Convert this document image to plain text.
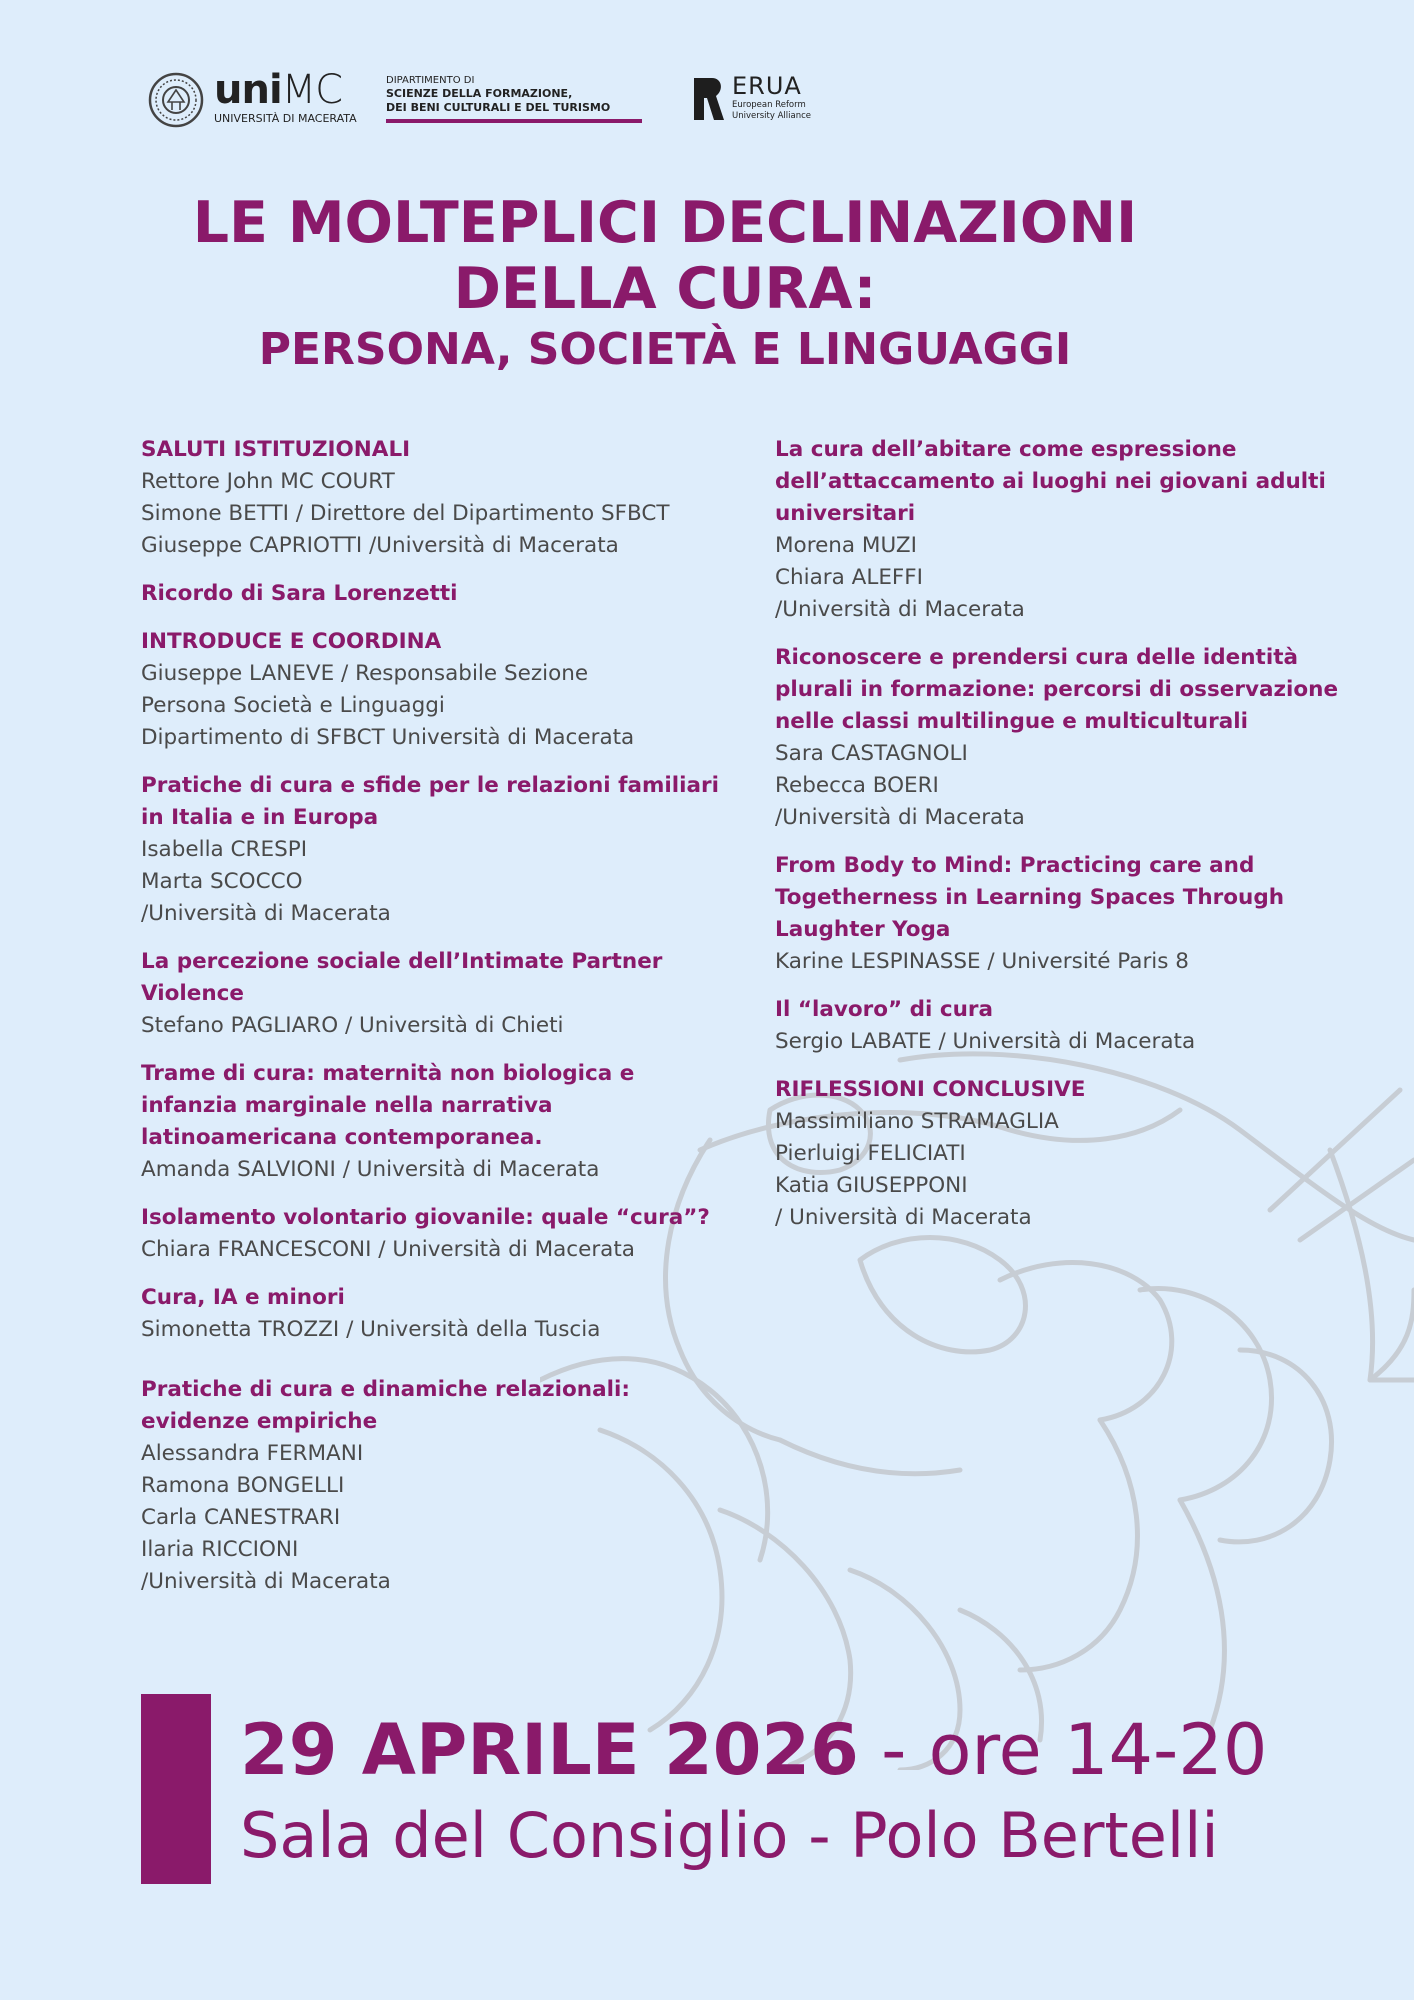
uniMC
UNIVERSITÀ DI MACERATA
DIPARTIMENTO DI
SCIENZE DELLA FORMAZIONE,
DEI BENI CULTURALI E DEL TURISMO
ERUA
European Reform
University Alliance
LE MOLTEPLICI DECLINAZIONI
DELLA CURA:
PERSONA, SOCIETÀ E LINGUAGGI
SALUTI ISTITUZIONALI
Rettore John MC COURT
Simone BETTI / Direttore del Dipartimento SFBCT
Giuseppe CAPRIOTTI /Università di Macerata
Ricordo di Sara Lorenzetti
INTRODUCE E COORDINA
Giuseppe LANEVE / Responsabile Sezione
Persona Società e Linguaggi
Dipartimento di SFBCT Università di Macerata
Pratiche di cura e sfide per le relazioni familiari
in Italia e in Europa
Isabella CRESPI
Marta SCOCCO
/Università di Macerata
La percezione sociale dell’Intimate Partner
Violence
Stefano PAGLIARO / Università di Chieti
Trame di cura: maternità non biologica e
infanzia marginale nella narrativa
latinoamericana contemporanea.
Amanda SALVIONI / Università di Macerata
Isolamento volontario giovanile: quale “cura”?
Chiara FRANCESCONI / Università di Macerata
Cura, IA e minori
Simonetta TROZZI / Università della Tuscia
Pratiche di cura e dinamiche relazionali:
evidenze empiriche
Alessandra FERMANI
Ramona BONGELLI
Carla CANESTRARI
Ilaria RICCIONI
/Università di Macerata
La cura dell’abitare come espressione
dell’attaccamento ai luoghi nei giovani adulti
universitari
Morena MUZI
Chiara ALEFFI
/Università di Macerata
Riconoscere e prendersi cura delle identità
plurali in formazione: percorsi di osservazione
nelle classi multilingue e multiculturali
Sara CASTAGNOLI
Rebecca BOERI
/Università di Macerata
From Body to Mind: Practicing care and
Togetherness in Learning Spaces Through
Laughter Yoga
Karine LESPINASSE / Université Paris 8
Il “lavoro” di cura
Sergio LABATE / Università di Macerata
RIFLESSIONI CONCLUSIVE
Massimiliano STRAMAGLIA
Pierluigi FELICIATI
Katia GIUSEPPONI
/ Università di Macerata
29 APRILE 2026 - ore 14-20
Sala del Consiglio - Polo Bertelli
